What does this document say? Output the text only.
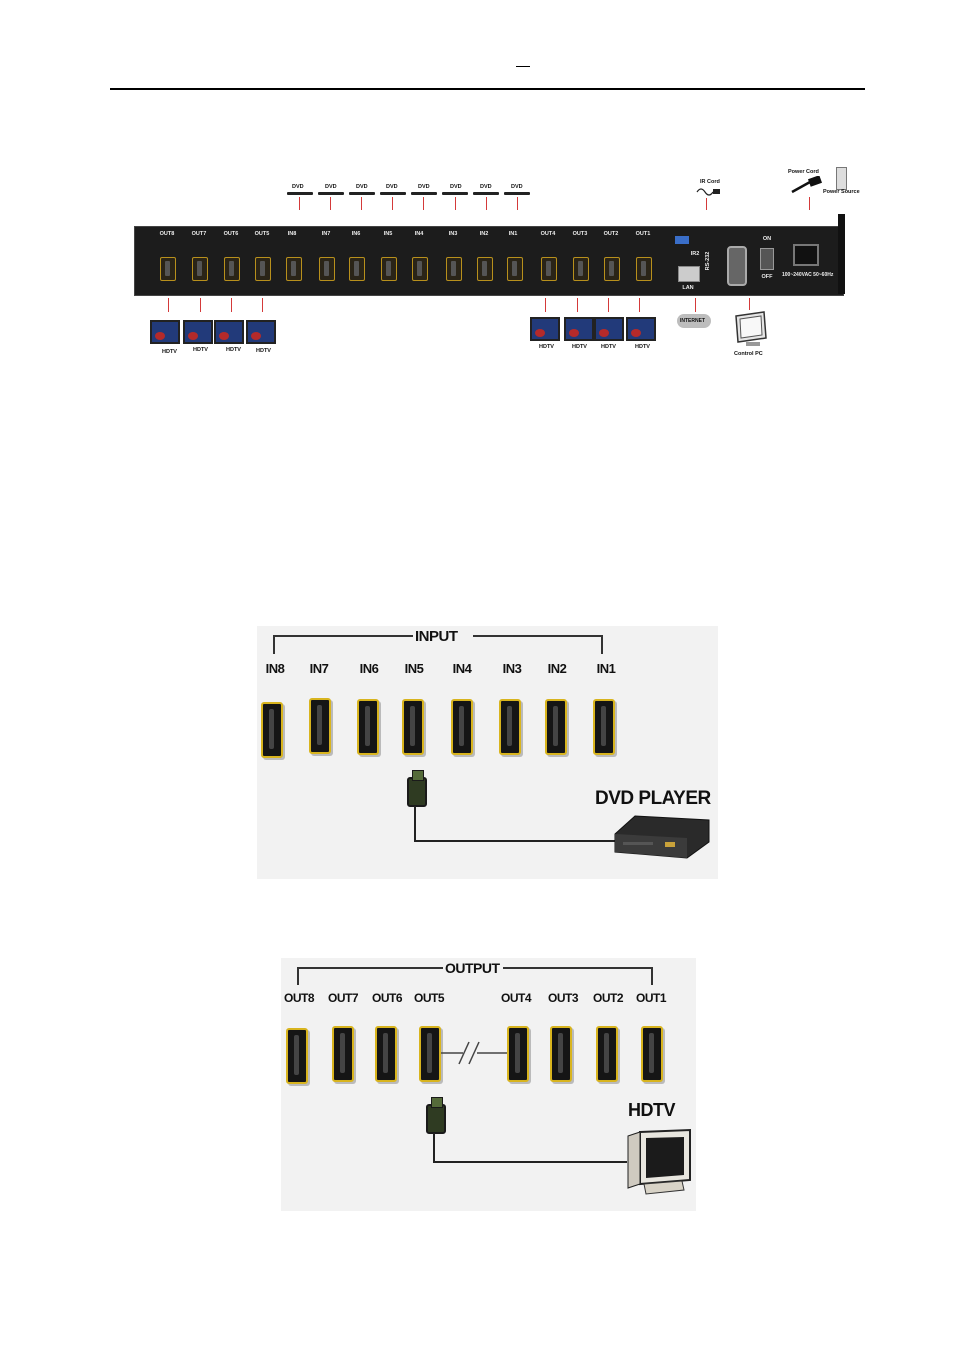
DVD	DVD	DVD	DVD	DVD	DVD	DVD	DVD
IR Cord
Power Cord
Power Source
OUT8	OUT7	OUT6	OUT5	IN8	IN7	IN6	IN5	IN4	IN3	IN2	IN1	OUT4	OUT3	OUT2	OUT1
IR2
LAN
RS-232
ON
OFF	100~240VAC 50~60Hz
HDTV	HDTV	HDTV	HDTV
HDTV	HDTV	HDTV	HDTV
INTERNET
Control PC
INPUT
IN8	IN7	IN6	IN5	IN4	IN3	IN2	IN1
DVD PLAYER
OUTPUT
OUT8	OUT7	OUT6 OUT5	OUT4	OUT3	OUT2	OUT1
HDTV
